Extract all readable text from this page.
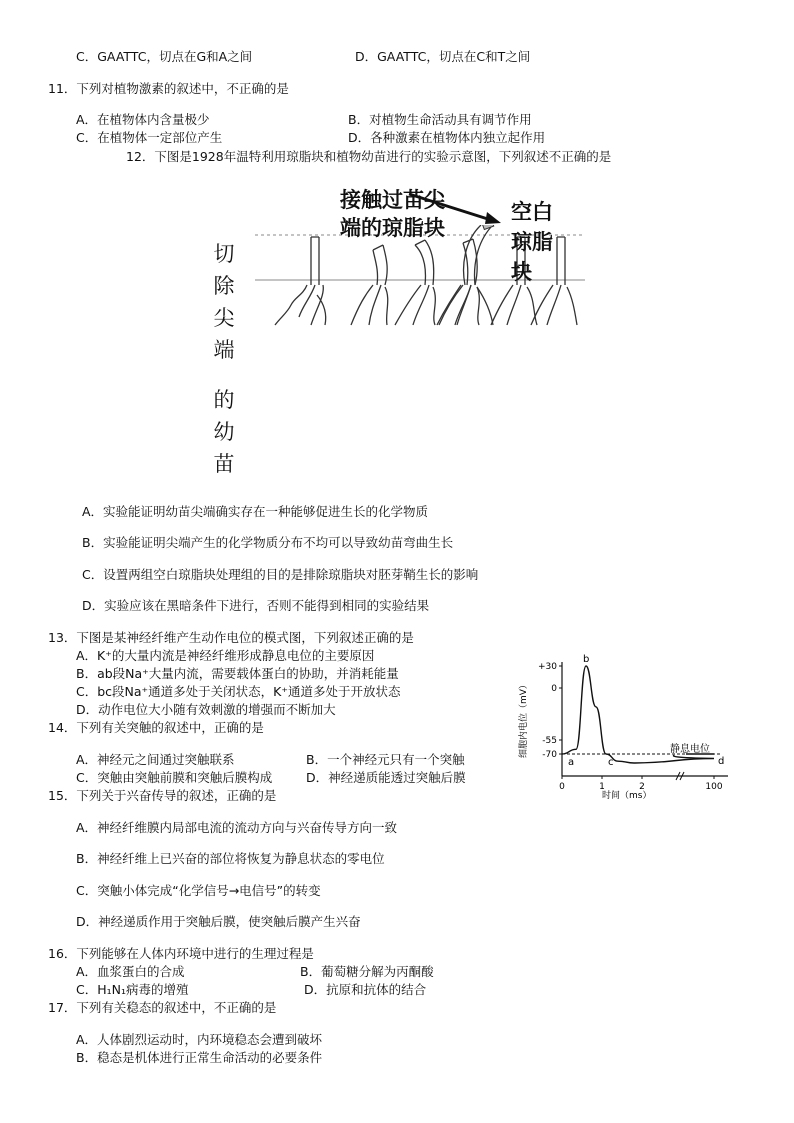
C．GAATTC，切点在G和A之间	D．GAATTC，切点在C和T之间
11．下列对植物激素的叙述中，不正确的是
A．在植物体内含量极少	B．对植物生命活动具有调节作用
C．在植物体一定部位产生	D．各种激素在植物体内独立起作用
12．下图是1928年温特利用琼脂块和植物幼苗进行的实验示意图，下列叙述不正确的是
接触过苗尖
端的琼脂块
空白
琼脂
块
切
除
尖
端
的
幼
苗
A．实验能证明幼苗尖端确实存在一种能够促进生长的化学物质
B．实验能证明尖端产生的化学物质分布不均可以导致幼苗弯曲生长
C．设置两组空白琼脂块处理组的目的是排除琼脂块对胚芽鞘生长的影响
D．实验应该在黑暗条件下进行，否则不能得到相同的实验结果
13．下图是某神经纤维产生动作电位的模式图，下列叙述正确的是
A．K⁺的大量内流是神经纤维形成静息电位的主要原因
B．ab段Na⁺大量内流，需要载体蛋白的协助，并消耗能量
C．bc段Na⁺通道多处于关闭状态，K⁺通道多处于开放状态
D．动作电位大小随有效刺激的增强而不断加大	细胞内电位（mV）
时间（ms）
静息电位
+30
0
-55
-70
0	1	2	100
a
b
c	d
14．下列有关突触的叙述中，正确的是
A．神经元之间通过突触联系	B．一个神经元只有一个突触
C．突触由突触前膜和突触后膜构成	D．神经递质能透过突触后膜
15．下列关于兴奋传导的叙述，正确的是
A．神经纤维膜内局部电流的流动方向与兴奋传导方向一致​
B．神经纤维上已兴奋的部位将恢复为静息状态的零电位
C．突触小体完成“化学信号→电信号”的转变
D．神经递质作用于突触后膜，使突触后膜产生兴奋
16．下列能够在人体内环境中进行的生理过程是
A．血浆蛋白的合成	B．葡萄糖分解为丙酮酸
C．H₁N₁病毒的增殖	D．抗原和抗体的结合
17．下列有关稳态的叙述中，不正确的是
A．人体剧烈运动时，内环境稳态会遭到破坏
B．稳态是机体进行正常生命活动的必要条件
